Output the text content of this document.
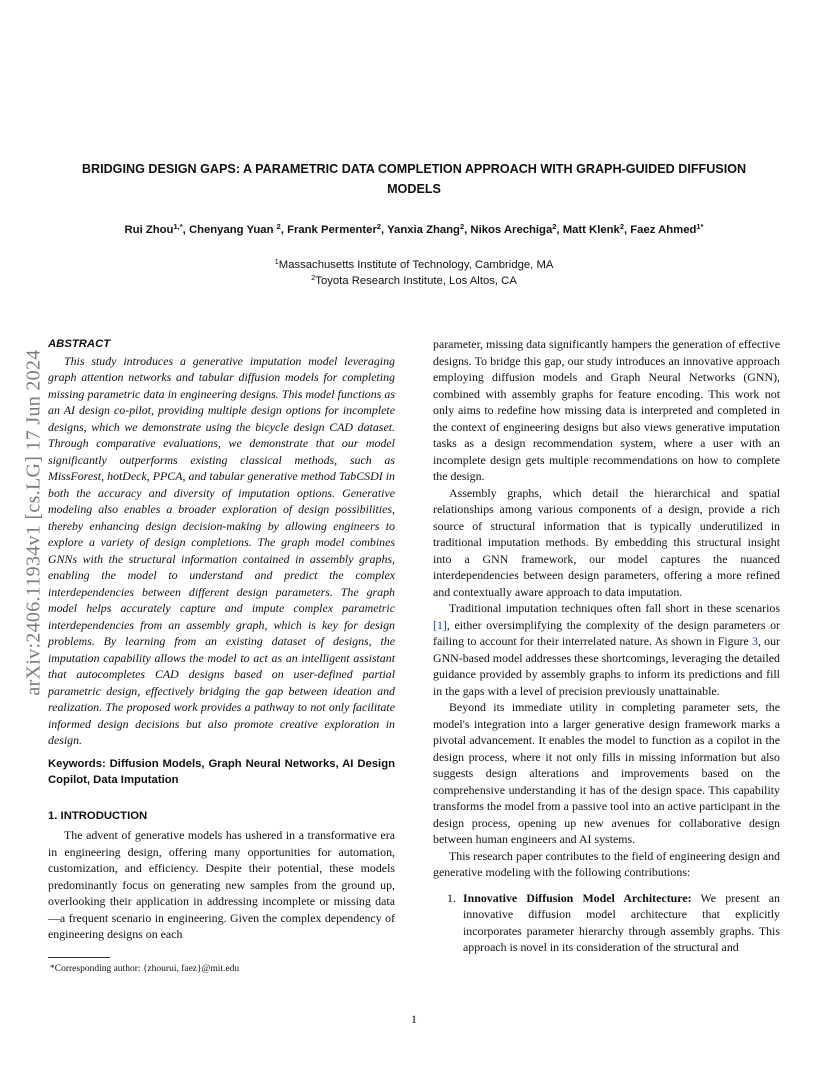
arXiv:2406.11934v1 [cs.LG] 17 Jun 2024
BRIDGING DESIGN GAPS: A PARAMETRIC DATA COMPLETION APPROACH WITH GRAPH-GUIDED DIFFUSION MODELS
Rui Zhou$^{1,*}$, Chenyang Yuan $^2$, Frank Permenter$^2$, Yanxia Zhang$^2$, Nikos Arechiga$^2$, Matt Klenk$^2$, Faez Ahmed$^{1*}$
$^1$Massachusetts Institute of Technology, Cambridge, MA
$^2$Toyota Research Institute, Los Altos, CA

ABSTRACT

This study introduces a generative imputation model leveraging graph attention networks and tabular diffusion models for completing missing parametric data in engineering designs. This model functions as an AI design co-pilot, providing multiple design options for incomplete designs, which we demonstrate using the bicycle design CAD dataset. Through comparative evaluations, we demonstrate that our model significantly outperforms existing classical methods, such as MissForest, hotDeck, PPCA, and tabular generative method TabCSDI in both the accuracy and diversity of imputation options. Generative modeling also enables a broader exploration of design possibilities, thereby enhancing design decision-making by allowing engineers to explore a variety of design completions. The graph model combines GNNs with the structural information contained in assembly graphs, enabling the model to understand and predict the complex interdependencies between different design parameters. The graph model helps accurately capture and impute complex parametric interdependencies from an assembly graph, which is key for design problems. By learning from an existing dataset of designs, the imputation capability allows the model to act as an intelligent assistant that autocompletes CAD designs based on user-defined partial parametric design, effectively bridging the gap between ideation and realization. The proposed work provides a pathway to not only facilitate informed design decisions but also promote creative exploration in design.

Keywords: Diffusion Models, Graph Neural Networks, AI Design Copilot, Data Imputation

1. INTRODUCTION

The advent of generative models has ushered in a transformative era in engineering design, offering many opportunities for automation, customization, and efficiency. Despite their potential, these models predominantly focus on generating new samples from the ground up, overlooking their application in addressing incomplete or missing data—a frequent scenario in engineering. Given the complex dependency of engineering designs on each

parameter, missing data significantly hampers the generation of effective designs. To bridge this gap, our study introduces an innovative approach employing diffusion models and Graph Neural Networks (GNN), combined with assembly graphs for feature encoding. This work not only aims to redefine how missing data is interpreted and completed in the context of engineering designs but also views generative imputation tasks as a design recommendation system, where a user with an incomplete design gets multiple recommendations on how to complete the design.

Assembly graphs, which detail the hierarchical and spatial relationships among various components of a design, provide a rich source of structural information that is typically underutilized in traditional imputation methods. By embedding this structural insight into a GNN framework, our model captures the nuanced interdependencies between design parameters, offering a more refined and contextually aware approach to data imputation.

Traditional imputation techniques often fall short in these scenarios [1], either oversimplifying the complexity of the design parameters or failing to account for their interrelated nature. As shown in Figure 3, our GNN-based model addresses these shortcomings, leveraging the detailed guidance provided by assembly graphs to inform its predictions and fill in the gaps with a level of precision previously unattainable.

Beyond its immediate utility in completing parameter sets, the model's integration into a larger generative design framework marks a pivotal advancement. It enables the model to function as a copilot in the design process, where it not only fills in missing information but also suggests design alterations and improvements based on the comprehensive understanding it has of the design space. This capability transforms the model from a passive tool into an active participant in the design process, opening up new avenues for collaborative design between human engineers and AI systems.

This research paper contributes to the field of engineering design and generative modeling with the following contributions:

1. Innovative Diffusion Model Architecture: We present an innovative diffusion model architecture that explicitly incorporates parameter hierarchy through assembly graphs. This approach is novel in its consideration of the structural and
*Corresponding author: {zhourui, faez}@mit.edu
1
